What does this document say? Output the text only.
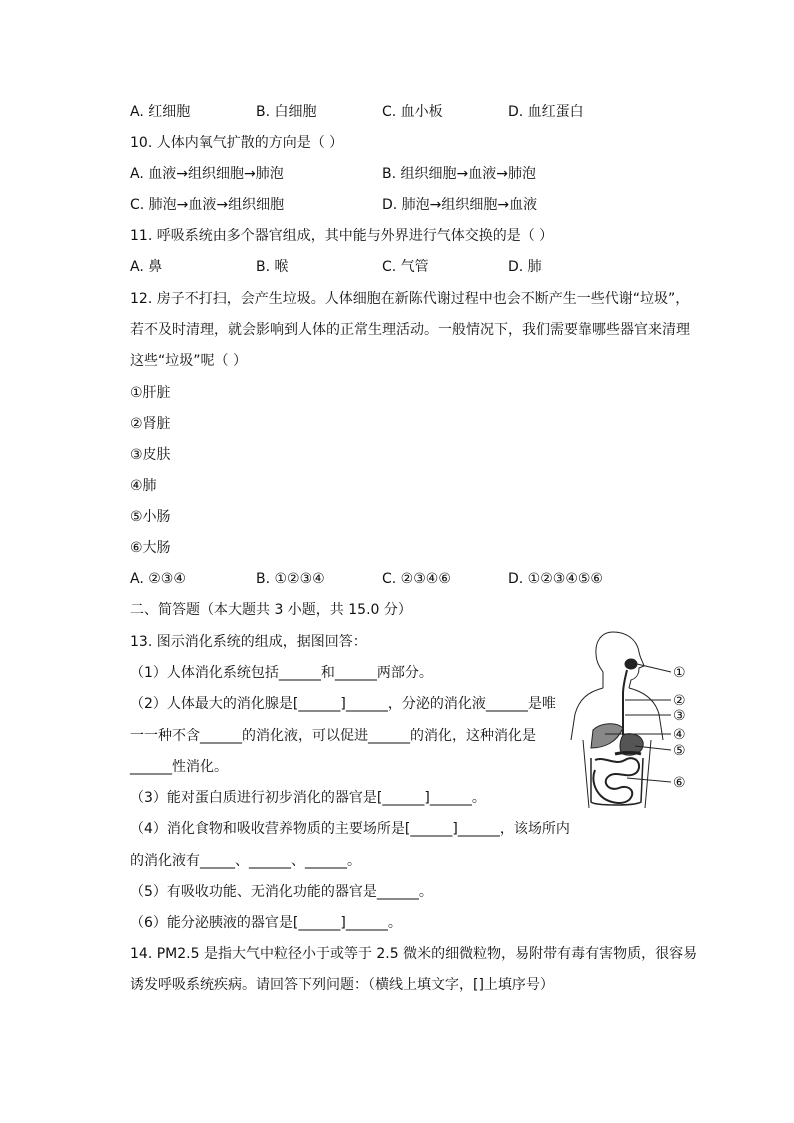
A. 红细胞	B. 白细胞	C. 血小板	D. 血红蛋白
10. 人体内氧气扩散的方向是（ ）
A. 血液→组织细胞→肺泡	B. 组织细胞→血液→肺泡
C. 肺泡→血液→组织细胞	D. 肺泡→组织细胞→血液
11. 呼吸系统由多个器官组成，其中能与外界进行气体交换的是（ ）
A. 鼻	B. 喉	C. 气管	D. 肺
12. 房子不打扫，会产生垃圾。人体细胞在新陈代谢过程中也会不断产生一些代谢“垃圾”，
若不及时清理，就会影响到人体的正常生理活动。一般情况下，我们需要靠哪些器官来清理
这些“垃圾”呢（ ）
①肝脏
②肾脏
③皮肤
④肺
⑤小肠
⑥大肠
A. ②③④	B. ①②③④	C. ②③④⑥	D. ①②③④⑤⑥
二、简答题（本大题共 3 小题，共 15.0 分）
13. 图示消化系统的组成，据图回答：
（1）人体消化系统包括______和______两部分。
（2）人体最大的消化腺是[______]______，分泌的消化液______是唯
一一种不含______的消化液，可以促进______的消化，这种消化是
______性消化。
（3）能对蛋白质进行初步消化的器官是[______]______。
（4）消化食物和吸收营养物质的主要场所是[______]______，该场所内
的消化液有_____、______、______。
（5）有吸收功能、无消化功能的器官是______。
（6）能分泌胰液的器官是[______]______。
①
②
③
④
⑤
⑥
14. PM2.5 是指大气中粒径小于或等于 2.5 微米的细微粒物，易附带有毒有害物质，很容易
诱发呼吸系统疾病。请回答下列问题：（横线上填文字，[]上填序号）
